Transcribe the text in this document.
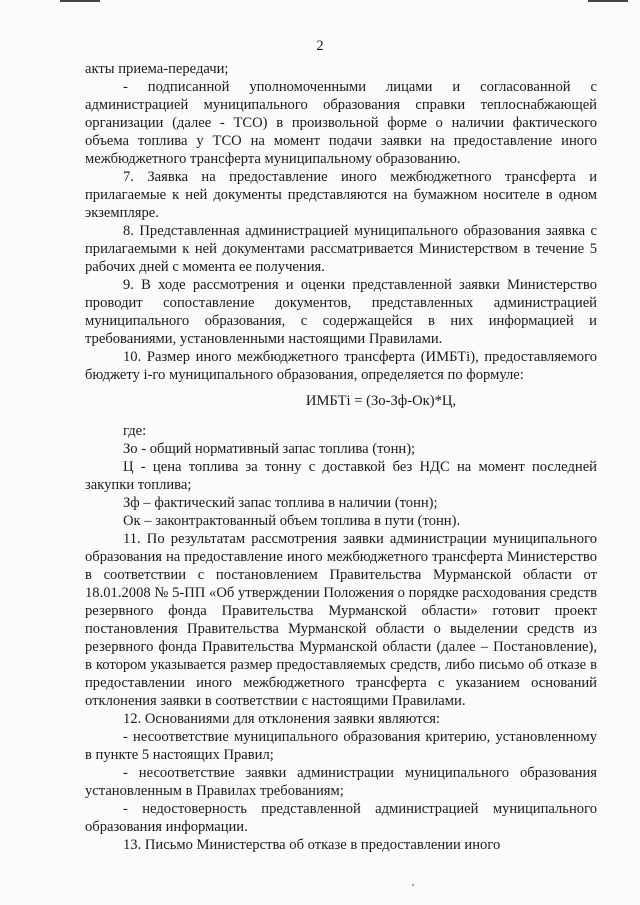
2

акты приема-передачи;

- подписанной уполномоченными лицами и согласованной с администрацией муниципального образования справки теплоснабжающей организации (далее - ТСО) в произвольной форме о наличии фактического объема топлива у ТСО на момент подачи заявки на предоставление иного межбюджетного трансферта муниципальному образованию.

7. Заявка на предоставление иного межбюджетного трансферта и прилагаемые к ней документы представляются на бумажном носителе в одном экземпляре.

8. Представленная администрацией муниципального образования заявка с прилагаемыми к ней документами рассматривается Министерством в течение 5 рабочих дней с момента ее получения.

9. В ходе рассмотрения и оценки представленной заявки Министерство проводит сопоставление документов, представленных администрацией муниципального образования, с содержащейся в них информацией и требованиями, установленными настоящими Правилами.

10. Размер иного межбюджетного трансферта (ИМБТi), предоставляемого бюджету i-го муниципального образования, определяется по формуле:

ИМБТi = (Зо-Зф-Ок)*Ц,

где:

Зо - общий нормативный запас топлива (тонн);

Ц - цена топлива за тонну с доставкой без НДС на момент последней закупки топлива;

Зф – фактический запас топлива в наличии (тонн);

Ок – законтрактованный объем топлива в пути (тонн).

11. По результатам рассмотрения заявки администрации муниципального образования на предоставление иного межбюджетного трансферта Министерство в соответствии с постановлением Правительства Мурманской области от 18.01.2008 № 5-ПП «Об утверждении Положения о порядке расходования средств резервного фонда Правительства Мурманской области» готовит проект постановления Правительства Мурманской области о выделении средств из резервного фонда Правительства Мурманской области (далее – Постановление), в котором указывается размер предоставляемых средств, либо письмо об отказе в предоставлении иного межбюджетного трансферта с указанием оснований отклонения заявки в соответствии с настоящими Правилами.

12. Основаниями для отклонения заявки являются:

- несоответствие муниципального образования критерию, установленному в пункте 5 настоящих Правил;

- несоответствие заявки администрации муниципального образования установленным в Правилах требованиям;

- недостоверность представленной администрацией муниципального образования информации.

13. Письмо Министерства об отказе в предоставлении иного
